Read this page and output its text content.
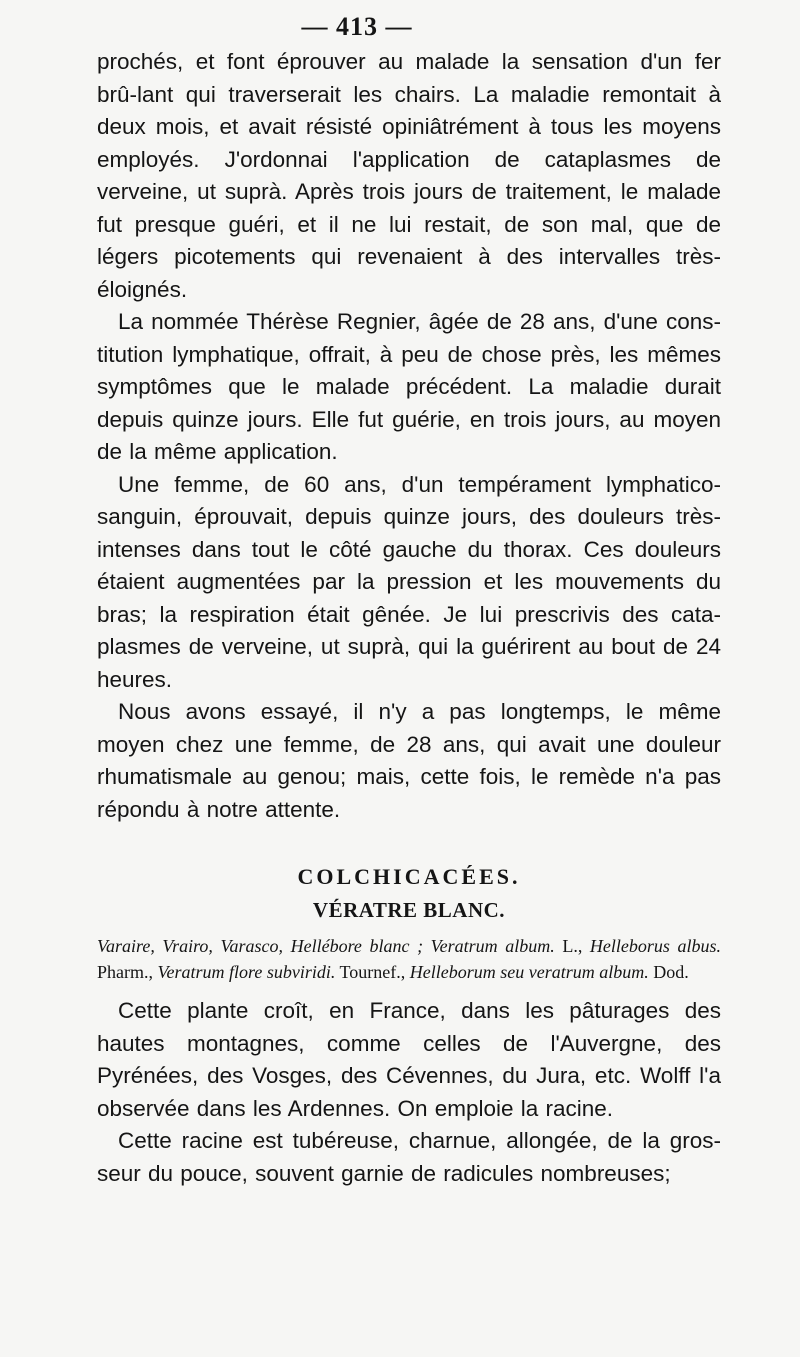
— 413 —

prochés, et font éprouver au malade la sensation d'un fer brû-lant qui traverserait les chairs. La maladie remontait à deux mois, et avait résisté opiniâtrément à tous les moyens employés. J'ordonnai l'application de cataplasmes de verveine, ut suprà. Après trois jours de traitement, le malade fut presque guéri, et il ne lui restait, de son mal, que de légers picotements qui revenaient à des intervalles très-éloignés.

La nommée Thérèse Regnier, âgée de 28 ans, d'une cons-titution lymphatique, offrait, à peu de chose près, les mêmes symptômes que le malade précédent. La maladie durait depuis quinze jours. Elle fut guérie, en trois jours, au moyen de la même application.

Une femme, de 60 ans, d'un tempérament lymphatico-sanguin, éprouvait, depuis quinze jours, des douleurs très-intenses dans tout le côté gauche du thorax. Ces douleurs étaient augmentées par la pression et les mouvements du bras; la respiration était gênée. Je lui prescrivis des cata-plasmes de verveine, ut suprà, qui la guérirent au bout de 24 heures.

Nous avons essayé, il n'y a pas longtemps, le même moyen chez une femme, de 28 ans, qui avait une douleur rhumatismale au genou; mais, cette fois, le remède n'a pas répondu à notre attente.

COLCHICACÉES.
VÉRATRE BLANC.

Varaire, Vrairo, Varasco, Hellébore blanc ; Veratrum album. L., Helleborus albus. Pharm., Veratrum flore subviridi. Tournef., Helleborum seu veratrum album. Dod.

Cette plante croît, en France, dans les pâturages des hautes montagnes, comme celles de l'Auvergne, des Pyrénées, des Vosges, des Cévennes, du Jura, etc. Wolff l'a observée dans les Ardennes. On emploie la racine.

Cette racine est tubéreuse, charnue, allongée, de la gros-seur du pouce, souvent garnie de radicules nombreuses;
